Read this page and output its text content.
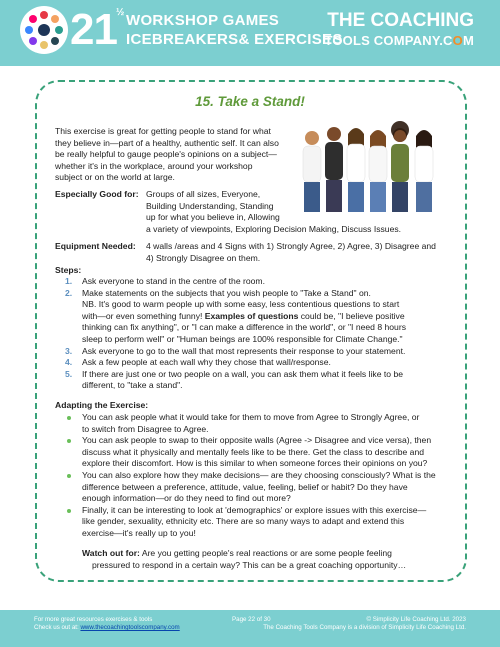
21 ½ WORKSHOP GAMES
ICEBREAKERS& EXERCISES
THE COACHING
TOOLS COMPANY.COM
15. Take a Stand!
This exercise is great for getting people to stand for what
they believe in—part of a healthy, authentic self. It can also
be really helpful to gauge people's opinions on a subject—
whether it's in the workplace, around your workshop
subject or on the world at large.
Especially Good for: Groups of all sizes, Everyone,
Building Understanding, Standing
up for what you believe in, Allowing
a variety of viewpoints, Exploring Decision Making, Discuss Issues.
Equipment Needed: 4 walls /areas and 4 Signs with 1) Strongly Agree, 2) Agree, 3) Disagree and
4) Strongly Disagree on them.
Steps:
1. Ask everyone to stand in the centre of the room.
2. Make statements on the subjects that you wish people to "Take a Stand" on.
NB. It's good to warm people up with some easy, less contentious questions to start
with—or even something funny! Examples of questions could be, "I believe positive
thinking can fix anything", or "I can make a difference in the world", or "I need 8 hours
sleep to perform well" or "Human beings are 100% responsible for Climate Change."
3. Ask everyone to go to the wall that most represents their response to your statement.
4. Ask a few people at each wall why they chose that wall/response.
5. If there are just one or two people on a wall, you can ask them what it feels like to be
different, to "take a stand".
Adapting the Exercise:
You can ask people what it would take for them to move from Agree to Strongly Agree, or
to switch from Disagree to Agree.
You can ask people to swap to their opposite walls (Agree -> Disagree and vice versa), then
discuss what it physically and mentally feels like to be there. Get the class to describe and
explore their discomfort. How is this similar to when someone forces their opinions on you?
You can also explore how they make decisions— are they choosing consciously? What is the
difference between a preference, attitude, value, feeling, belief or habit? Do they have
enough information—or do they need to find out more?
Finally, it can be interesting to look at 'demographics' or explore issues with this exercise—
like gender, sexuality, ethnicity etc. There are so many ways to adapt and extend this
exercise—it's really up to you!
Watch out for: Are you getting people's real reactions or are some people feeling
pressured to respond in a certain way? This can be a great coaching opportunity…
For more great resources exercises & tools
Check us out at: www.thecoachingtoolscompany.com
Page 22 of 30	© Simplicity Life Coaching Ltd. 2023
The Coaching Tools Company is a division of Simplicity Life Coaching Ltd.
